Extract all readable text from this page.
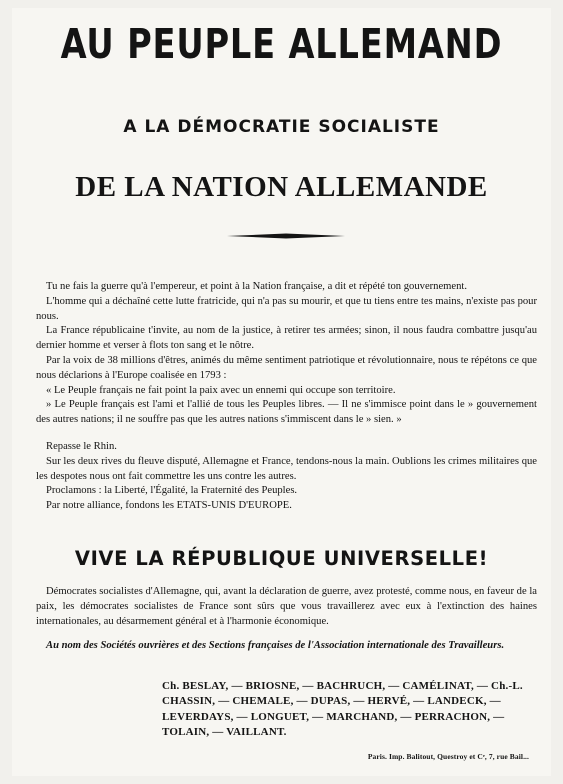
AU PEUPLE ALLEMAND
A LA DÉMOCRATIE SOCIALISTE
DE LA NATION ALLEMANDE

Tu ne fais la guerre qu'à l'empereur, et point à la Nation française, a dit et répété ton gouvernement.

L'homme qui a déchaîné cette lutte fratricide, qui n'a pas su mourir, et que tu tiens entre tes mains, n'existe pas pour nous.

La France républicaine t'invite, au nom de la justice, à retirer tes armées; sinon, il nous faudra combattre jusqu'au dernier homme et verser à flots ton sang et le nôtre.

Par la voix de 38 millions d'êtres, animés du même sentiment patriotique et révolutionnaire, nous te répétons ce que nous déclarions à l'Europe coalisée en 1793 :

« Le Peuple français ne fait point la paix avec un ennemi qui occupe son territoire.

» Le Peuple français est l'ami et l'allié de tous les Peuples libres. — Il ne s'immisce point dans le » gouvernement des autres nations; il ne souffre pas que les autres nations s'immiscent dans le » sien. »

Repasse le Rhin.

Sur les deux rives du fleuve disputé, Allemagne et France, tendons-nous la main. Oublions les crimes militaires que les despotes nous ont fait commettre les uns contre les autres.

Proclamons : la Liberté, l'Égalité, la Fraternité des Peuples.

Par notre alliance, fondons les ETATS-UNIS D'EUROPE.

VIVE LA RÉPUBLIQUE UNIVERSELLE!

Démocrates socialistes d'Allemagne, qui, avant la déclaration de guerre, avez protesté, comme nous, en faveur de la paix, les démocrates socialistes de France sont sûrs que vous travaillerez avec eux à l'extinction des haines internationales, au désarmement général et à l'harmonie économique.

Au nom des Sociétés ouvrières et des Sections françaises de l'Association internationale des Travailleurs.

Ch. BESLAY, — BRIOSNE, — BACHRUCH, — CAMÉLINAT, — Ch.-L.
CHASSIN, — CHEMALE, — DUPAS, — HERVÉ, — LANDECK, —
LEVERDAYS, — LONGUET, — MARCHAND, — PERRACHON, —
TOLAIN, — VAILLANT.
Paris. Imp. Balitout, Questroy et Cᵉ, 7, rue Bail...
